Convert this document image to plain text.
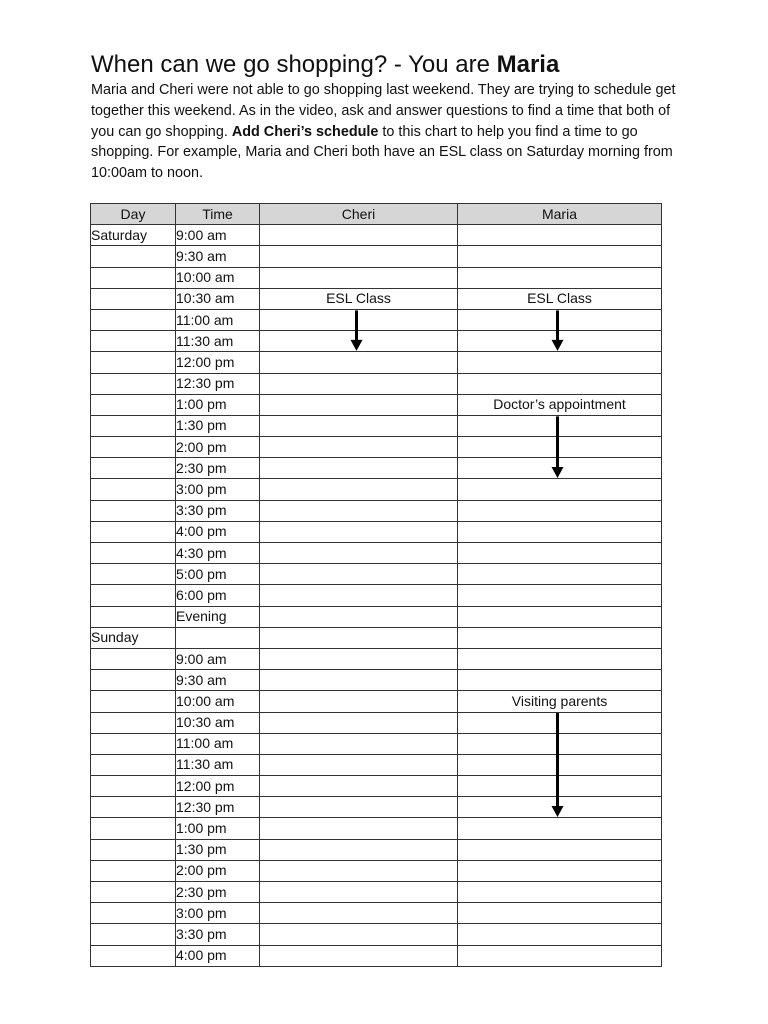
When can we go shopping? - You are Maria

Maria and Cheri were not able to go shopping last weekend. They are trying to schedule get together this weekend. As in the video, ask and answer questions to find a time that both of you can go shopping. Add Cheri’s schedule to this chart to help you find a time to go shopping. For example, Maria and Cheri both have an ESL class on Saturday morning from 10:00am to noon.

Day	Time	Cheri	Maria
Saturday	9:00 am		
	9:30 am		
	10:00 am		
	10:30 am	ESL Class	ESL Class
	11:00 am		
	11:30 am		
	12:00 pm		
	12:30 pm		
	1:00 pm		Doctor’s appointment
	1:30 pm		
	2:00 pm		
	2:30 pm		
	3:00 pm		
	3:30 pm		
	4:00 pm		
	4:30 pm		
	5:00 pm		
	6:00 pm		
	Evening		
Sunday			
	9:00 am		
	9:30 am		
	10:00 am		Visiting parents
	10:30 am		
	11:00 am		
	11:30 am		
	12:00 pm		
	12:30 pm		
	1:00 pm		
	1:30 pm		
	2:00 pm		
	2:30 pm		
	3:00 pm		
	3:30 pm		
	4:00 pm		
